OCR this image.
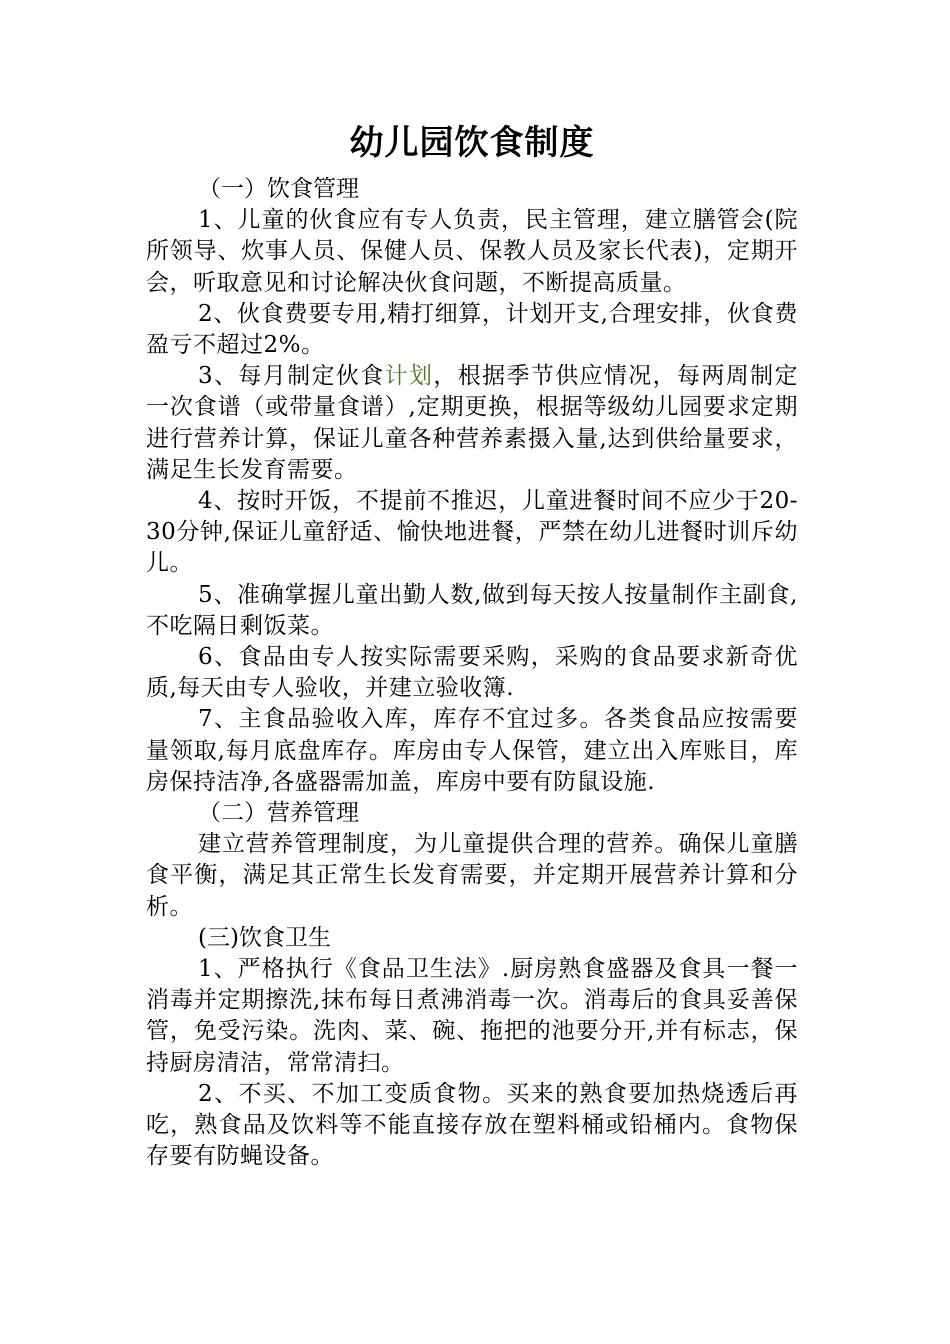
幼儿园饮食制度

（一）饮食管理

1、儿童的伙食应有专人负责，民主管理，建立膳管会(院所领导、炊事人员、保健人员、保教人员及家长代表)，定期开会，听取意见和讨论解决伙食问题，不断提高质量。

2、伙食费要专用,精打细算，计划开支,合理安排，伙食费盈亏不超过2%。

3、每月制定伙食计划，根据季节供应情况，每两周制定一次食谱（或带量食谱）,定期更换，根据等级幼儿园要求定期进行营养计算，保证儿童各种营养素摄入量,达到供给量要求，满足生长发育需要。

4、按时开饭，不提前不推迟，儿童进餐时间不应少于20-30分钟,保证儿童舒适、愉快地进餐，严禁在幼儿进餐时训斥幼儿。

5、准确掌握儿童出勤人数,做到每天按人按量制作主副食,不吃隔日剩饭菜。

6、食品由专人按实际需要采购，采购的食品要求新奇优质,每天由专人验收，并建立验收簿.

7、主食品验收入库，库存不宜过多。各类食品应按需要量领取,每月底盘库存。库房由专人保管，建立出入库账目，库房保持洁净,各盛器需加盖，库房中要有防鼠设施.

（二）营养管理

建立营养管理制度，为儿童提供合理的营养。确保儿童膳食平衡，满足其正常生长发育需要，并定期开展营养计算和分析。

(三)饮食卫生

1、严格执行《食品卫生法》.厨房熟食盛器及食具一餐一消毒并定期擦洗,抹布每日煮沸消毒一次。消毒后的食具妥善保管，免受污染。洗肉、菜、碗、拖把的池要分开,并有标志，保持厨房清洁，常常清扫。

2、不买、不加工变质食物。买来的熟食要加热烧透后再吃，熟食品及饮料等不能直接存放在塑料桶或铅桶内。食物保存要有防蝇设备。
